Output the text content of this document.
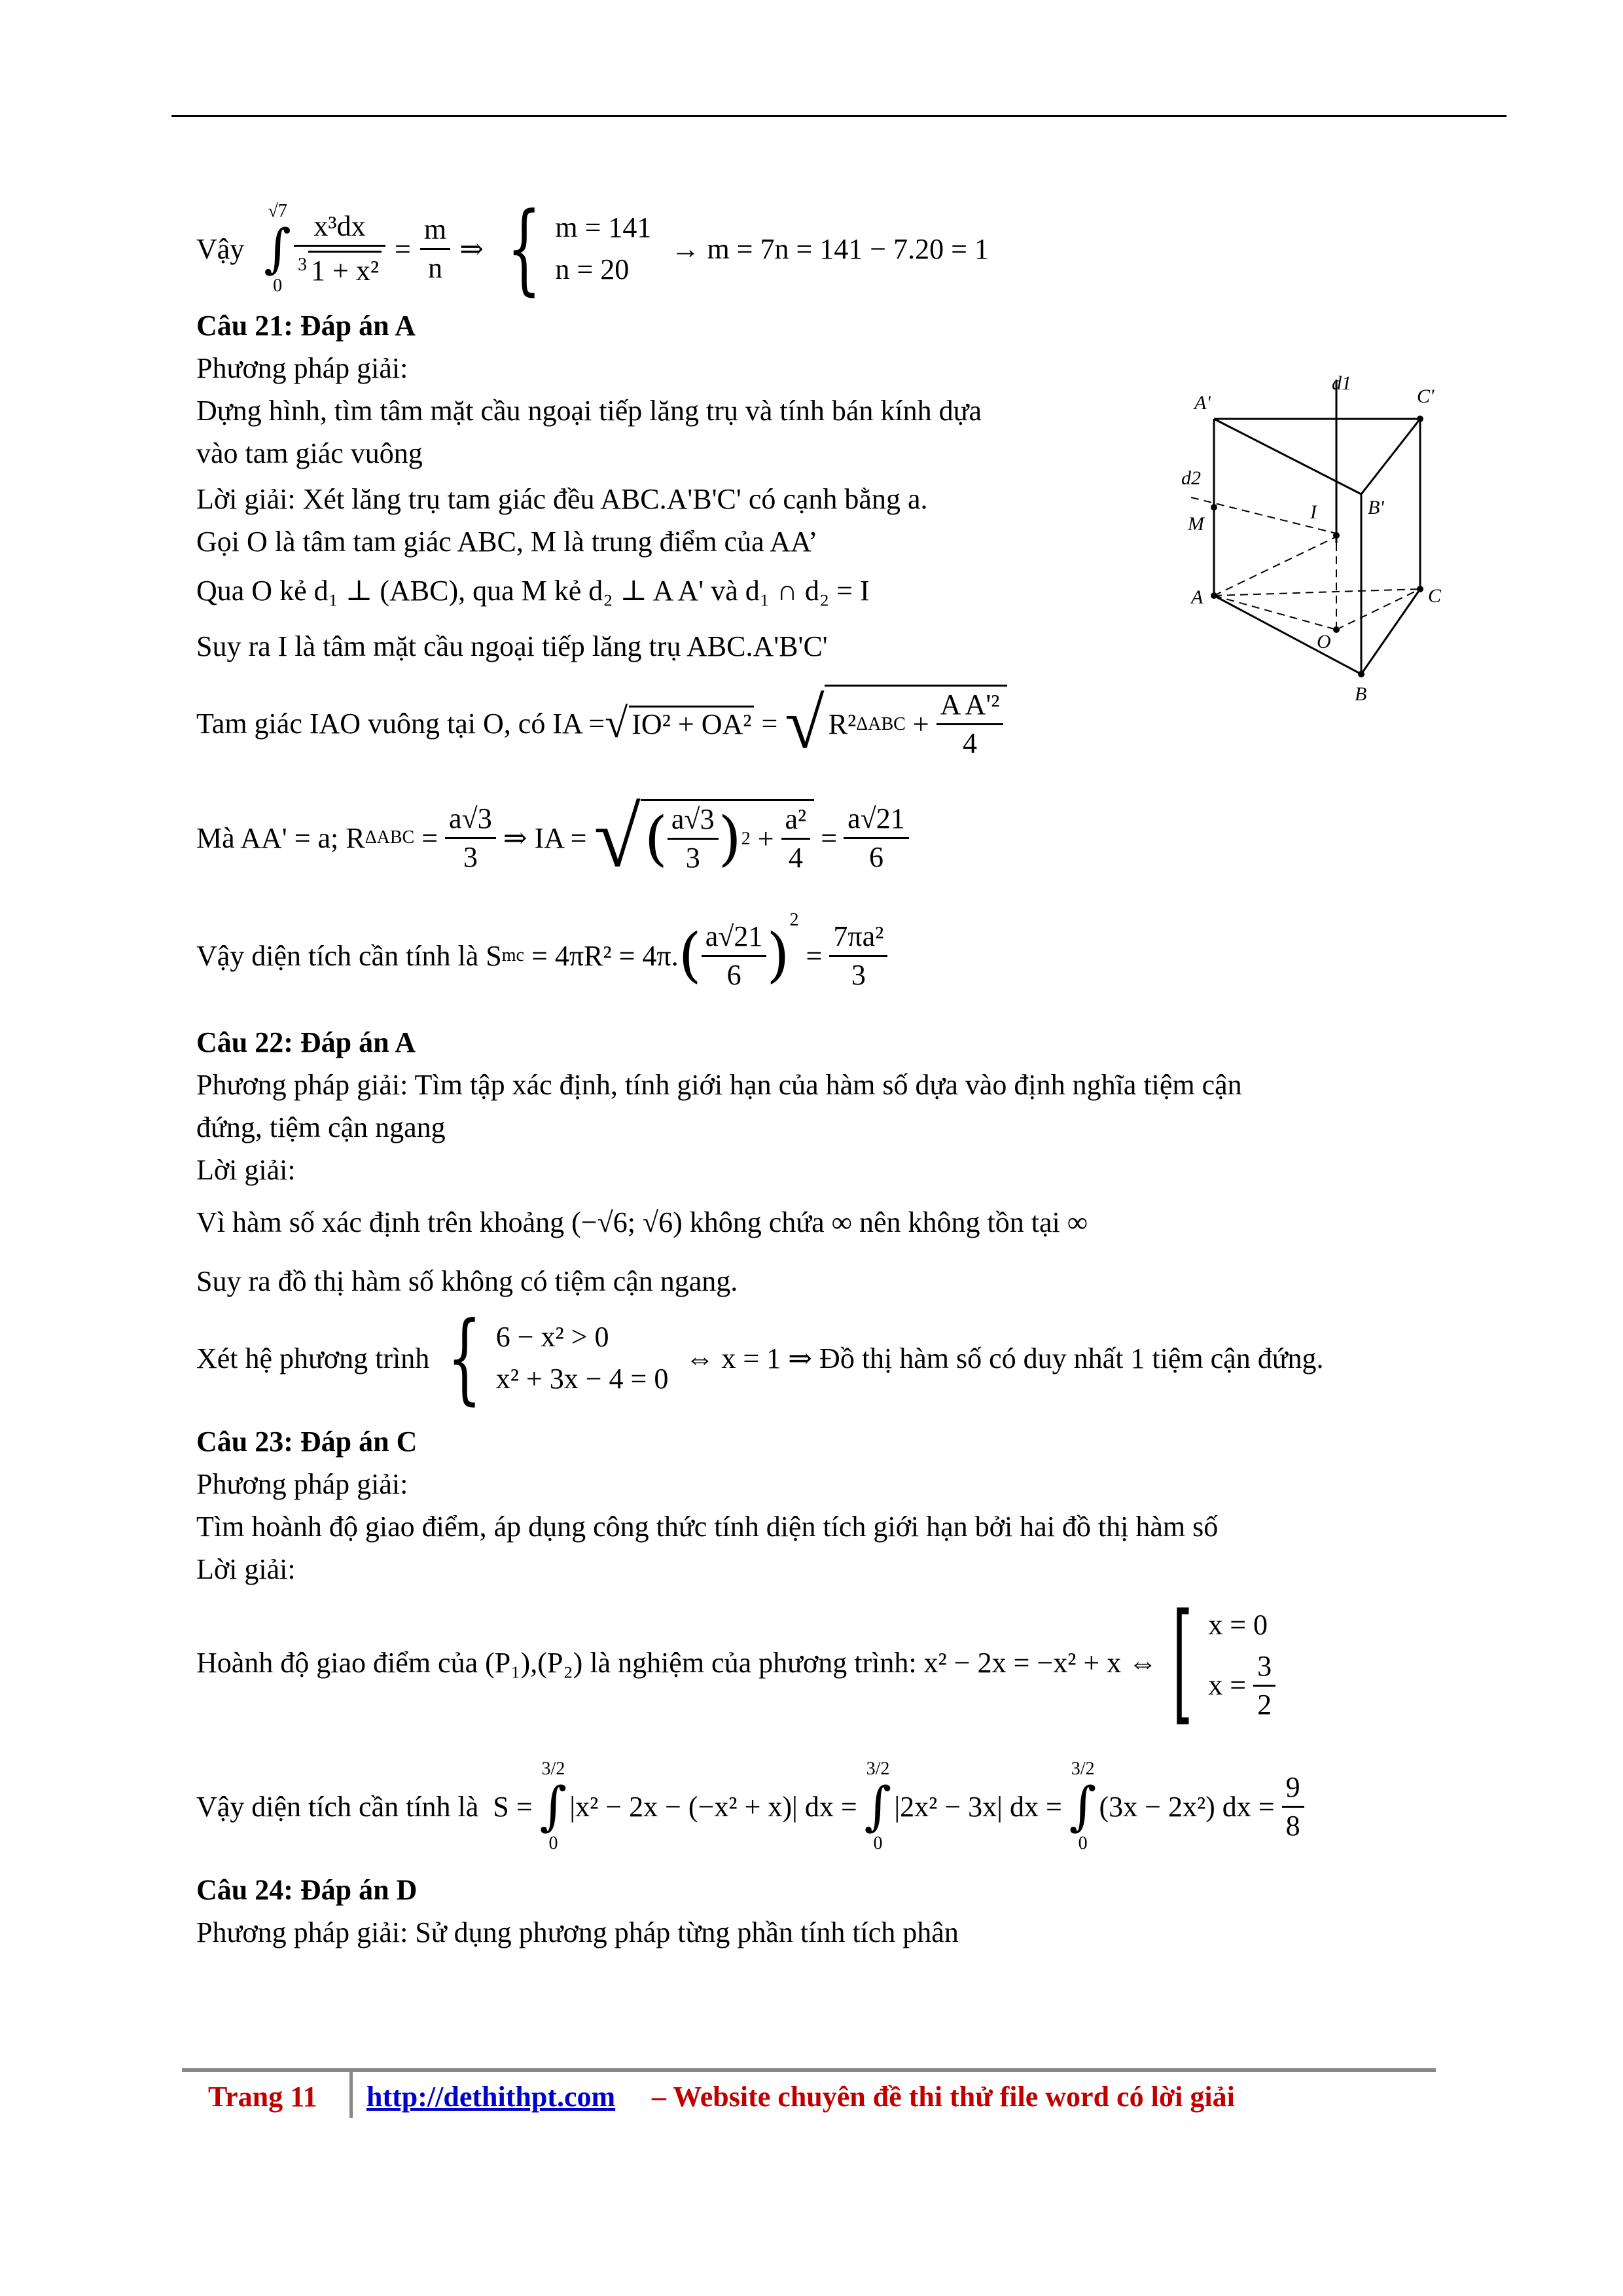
Vậy
√7
∫
$0 \frac{\text{x³dx}}{^3 1 + x^2} = \frac{m}{n}$ ⇒ { m = 141
n = 20
→ m = 7n = 141 − 7.20 = 1
Câu 21: Đáp án A
Phương pháp giải:
Dựng hình, tìm tâm mặt cầu ngoại tiếp lăng trụ và tính bán kính dựa
vào tam giác vuông
Lời giải: Xét lăng trụ tam giác đều ABC.A'B'C' có cạnh bằng a.
Gọi O là tâm tam giác ABC, M là trung điểm của AA’
Qua O kẻ d₁ ⊥ (ABC), qua M kẻ d₂ ⊥ A A' và d₁ ∩ d₂ = I
Suy ra I là tâm mặt cầu ngoại tiếp lăng trụ ABC.A'B'C'
Tam giác IAO vuông tại O, có IA = √ IO² + OA² = √ R² $\Delta ABC + \frac{\text{A A'²}}{4}$
Mà AA' = a; R $\Delta ABC = \frac{a√3}{3}$ ⇒ IA = √ ( $\frac{a√3}{3}$ ) $2 + \frac{\text{a²}}{4} = \frac{a√21}{6}$
Vậy diện tích cần tính là S mc = 4πR² = 4π. ( $\frac{a√21}{6}$ )
2
= $\frac{\text{7πa²}}{3}$
A'	C'
B'
A
B
C
O
I
M
d1
d2
Câu 22: Đáp án A
Phương pháp giải: Tìm tập xác định, tính giới hạn của hàm số dựa vào định nghĩa tiệm cận
đứng, tiệm cận ngang
Lời giải:
Vì hàm số xác định trên khoảng (−√6; √6) không chứa ∞ nên không tồn tại ∞
Suy ra đồ thị hàm số không có tiệm cận ngang.
Xét hệ phương trình { 6 − x² > 0
x² + 3x − 4 = 0
⇔ x = 1 ⇒ Đồ thị hàm số có duy nhất 1 tiệm cận đứng.
Câu 23: Đáp án C
Phương pháp giải:
Tìm hoành độ giao điểm, áp dụng công thức tính diện tích giới hạn bởi hai đồ thị hàm số
Lời giải:
Hoành độ giao điểm của (P₁),(P₂) là nghiệm của phương trình: x² − 2x = −x² + x ⇔ [ x = 0
$x = \frac{3}{2}$
Vậy diện tích cần tính là  S =
3/2
∫
0
|x² − 2x − (−x² + x)| dx =
3/2
∫
0
|2x² − 3x| dx =
3/2
∫
0
(3x − 2x²) dx = $\frac{9}{8}$
Câu 24: Đáp án D
Phương pháp giải: Sử dụng phương pháp từng phần tính tích phân
Trang 11 http://dethithpt.com – Website chuyên đề thi thử file word có lời giải
